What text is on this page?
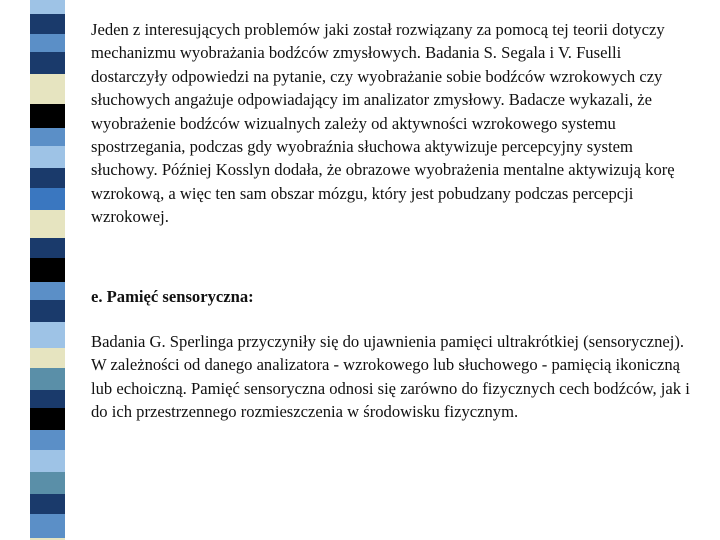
Jeden z interesujących problemów jaki został rozwiązany za pomocą tej teorii dotyczy mechanizmu wyobrażania bodźców zmysłowych. Badania S. Segala i V. Fuselli dostarczyły odpowiedzi na pytanie, czy wyobrażanie sobie bodźców wzrokowych czy słuchowych angażuje odpowiadający im analizator zmysłowy. Badacze wykazali, że wyobrażenie bodźców wizualnych zależy od aktywności wzrokowego systemu spostrzegania, podczas gdy wyobraźnia słuchowa aktywizuje percepcyjny system słuchowy. Później Kosslyn dodała, że obrazowe wyobrażenia mentalne aktywizują korę wzrokową, a więc ten sam obszar mózgu, który jest pobudzany podczas percepcji wzrokowej.

e. Pamięć sensoryczna:

Badania G. Sperlinga przyczyniły się do ujawnienia pamięci ultrakrótkiej (sensorycznej). W zależności od danego analizatora - wzrokowego lub słuchowego - pamięcią ikoniczną lub echoiczną. Pamięć sensoryczna odnosi się zarówno do fizycznych cech bodźców, jak i do ich przestrzennego rozmieszczenia w środowisku fizycznym.
